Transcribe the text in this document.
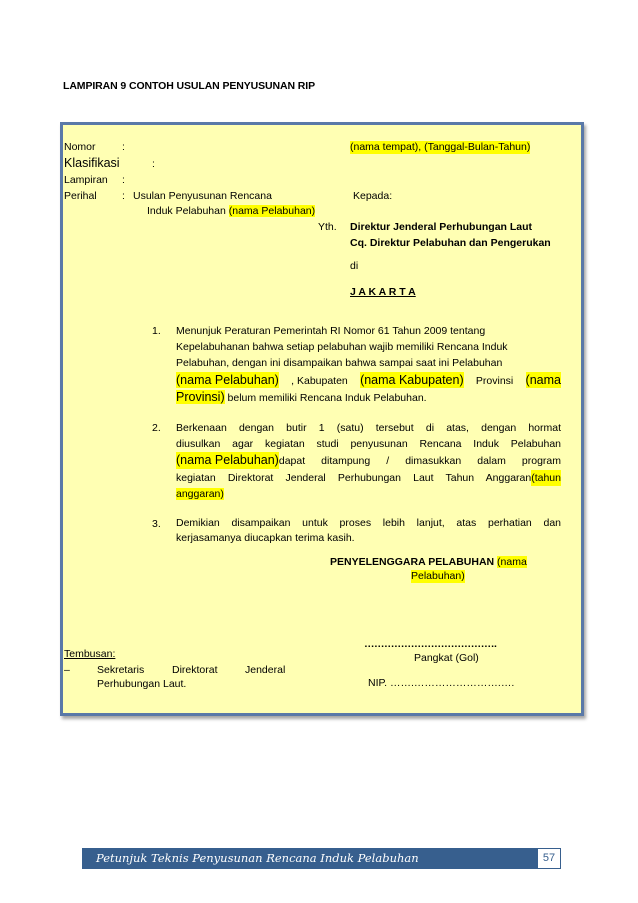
LAMPIRAN 9 CONTOH USULAN PENYUSUNAN RIP
Nomor	:	(nama tempat), (Tanggal-Bulan-Tahun)
Klasifikasi	:
Lampiran :
Perihal : Usulan Penyusunan Rencana
Induk Pelabuhan (nama Pelabuhan)
Kepada:
Yth. Direktur Jenderal Perhubungan Laut
Cq. Direktur Pelabuhan dan Pengerukan
di
J A K A R T A
1. Menunjuk Peraturan Pemerintah RI Nomor 61 Tahun 2009 tentang
Kepelabuhanan bahwa setiap pelabuhan wajib memiliki Rencana Induk
Pelabuhan, dengan ini disampaikan bahwa sampai saat ini Pelabuhan
(nama Pelabuhan) , Kabupaten (nama Kabupaten) Provinsi (nama
Provinsi) belum memiliki Rencana Induk Pelabuhan.
2. Berkenaan dengan butir 1 (satu) tersebut di atas, dengan hormat
diusulkan agar kegiatan studi penyusunan Rencana Induk Pelabuhan
(nama Pelabuhan) dapat ditampung / dimasukkan dalam program
kegiatan Direktorat Jenderal Perhubungan Laut Tahun Anggaran (tahun
anggaran)
3. Demikian disampaikan untuk proses lebih lanjut, atas perhatian dan
kerjasamanya diucapkan terima kasih.
PENYELENGGARA PELABUHAN (nama
Pelabuhan)
………………………………….
Pangkat (Gol)
NIP. …….…………………….….
Tembusan:
–	Sekretaris	Direktorat	Jenderal
Perhubungan Laut.
Petunjuk Teknis Penyusunan Rencana Induk Pelabuhan	57
